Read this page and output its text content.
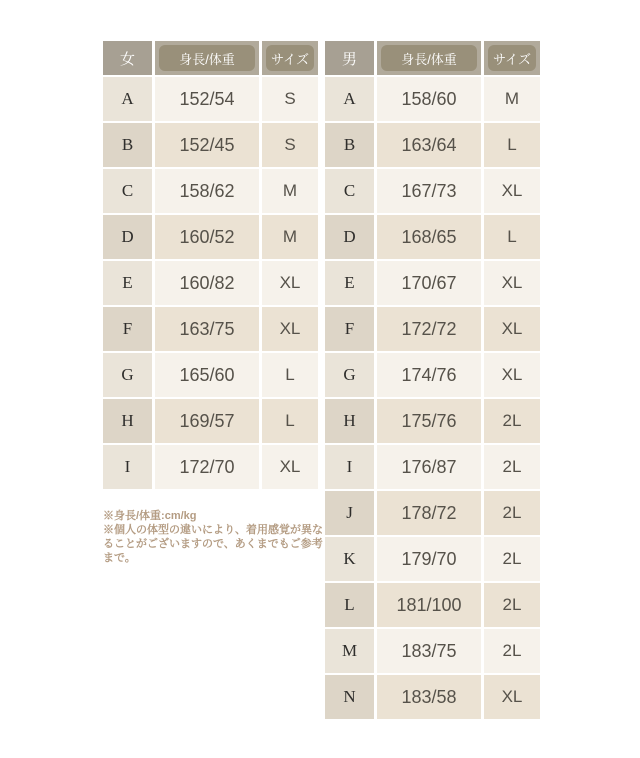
女	身長/体重	サイズ
A	152/54	S
B	152/45	S
C	158/62	M
D	160/52	M
E	160/82	XL
F	163/75	XL
G	165/60	L
H	169/57	L
I	172/70	XL
男	身長/体重	サイズ
A	158/60	M
B	163/64	L
C	167/73	XL
D	168/65	L
E	170/67	XL
F	172/72	XL
G	174/76	XL
H	175/76	2L
I	176/87	2L
J	178/72	2L
K	179/70	2L
L	181/100	2L
M	183/75	2L
N	183/58	XL

※身長/体重:cm/kg

※個人の体型の違いにより、着用感覚が異なることがございますので、あくまでもご参考まで。
